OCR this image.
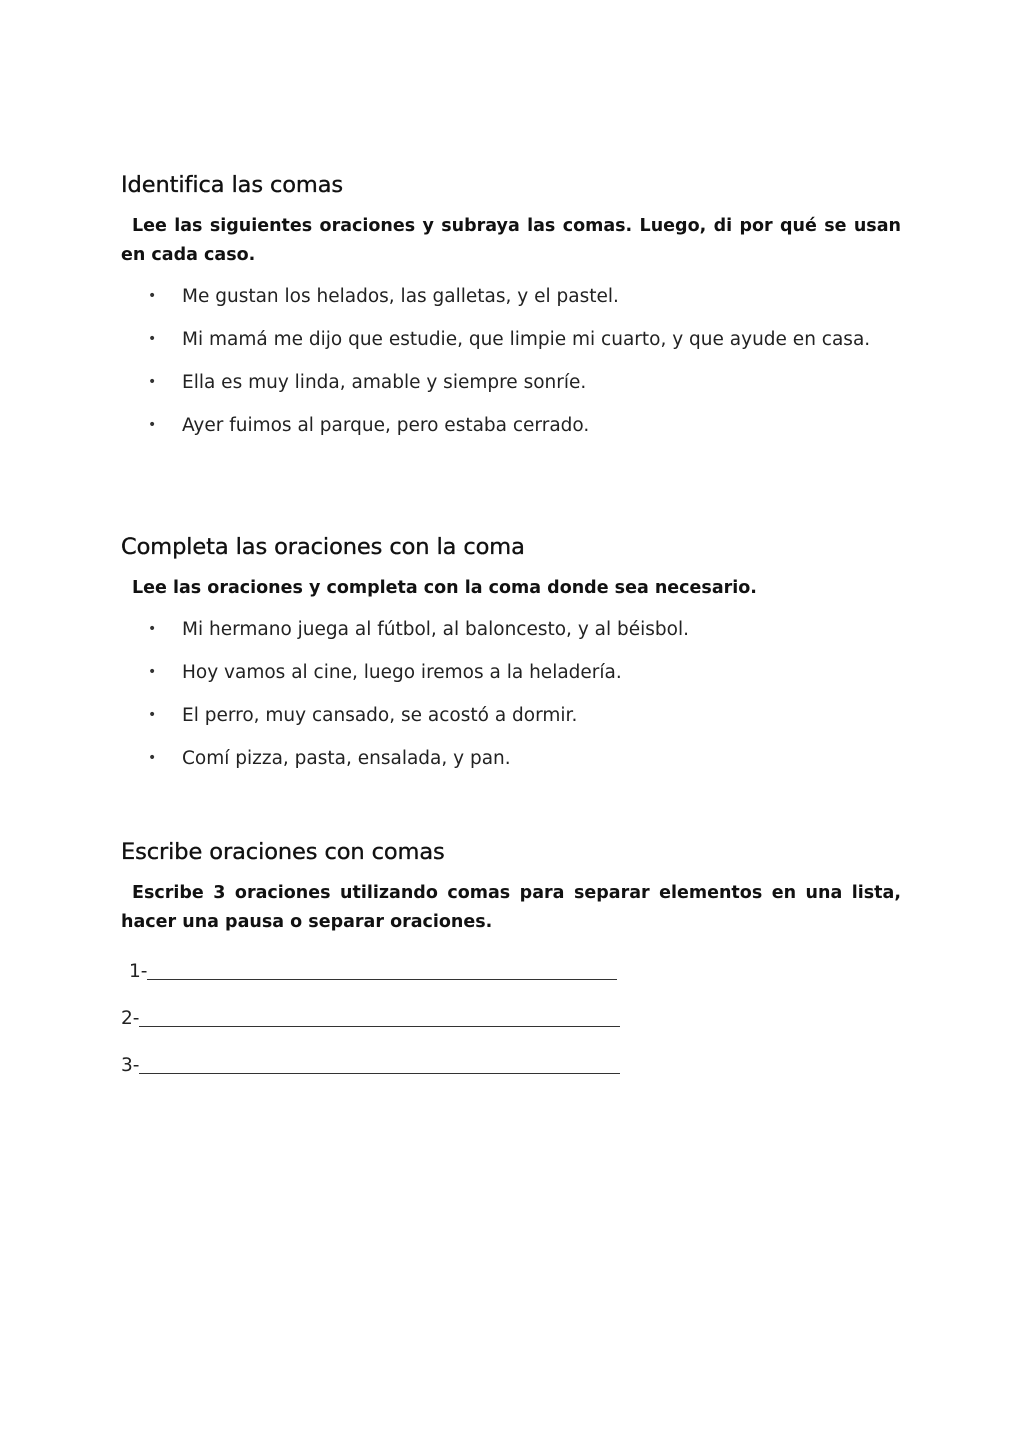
Identifica las comas

Lee las siguientes oraciones y subraya las comas. Luego, di por qué se usan en cada caso.

• Me gustan los helados, las galletas, y el pastel.
• Mi mamá me dijo que estudie, que limpie mi cuarto, y que ayude en casa.
• Ella es muy linda, amable y siempre sonríe.
• Ayer fuimos al parque, pero estaba cerrado.
Completa las oraciones con la coma

Lee las oraciones y completa con la coma donde sea necesario.

• Mi hermano juega al fútbol, al baloncesto, y al béisbol.
• Hoy vamos al cine, luego iremos a la heladería.
• El perro, muy cansado, se acostó a dormir.
• Comí pizza, pasta, ensalada, y pan.
Escribe oraciones con comas

Escribe 3 oraciones utilizando comas para separar elementos en una lista, hacer una pausa o separar oraciones.

1-
2-
3-
